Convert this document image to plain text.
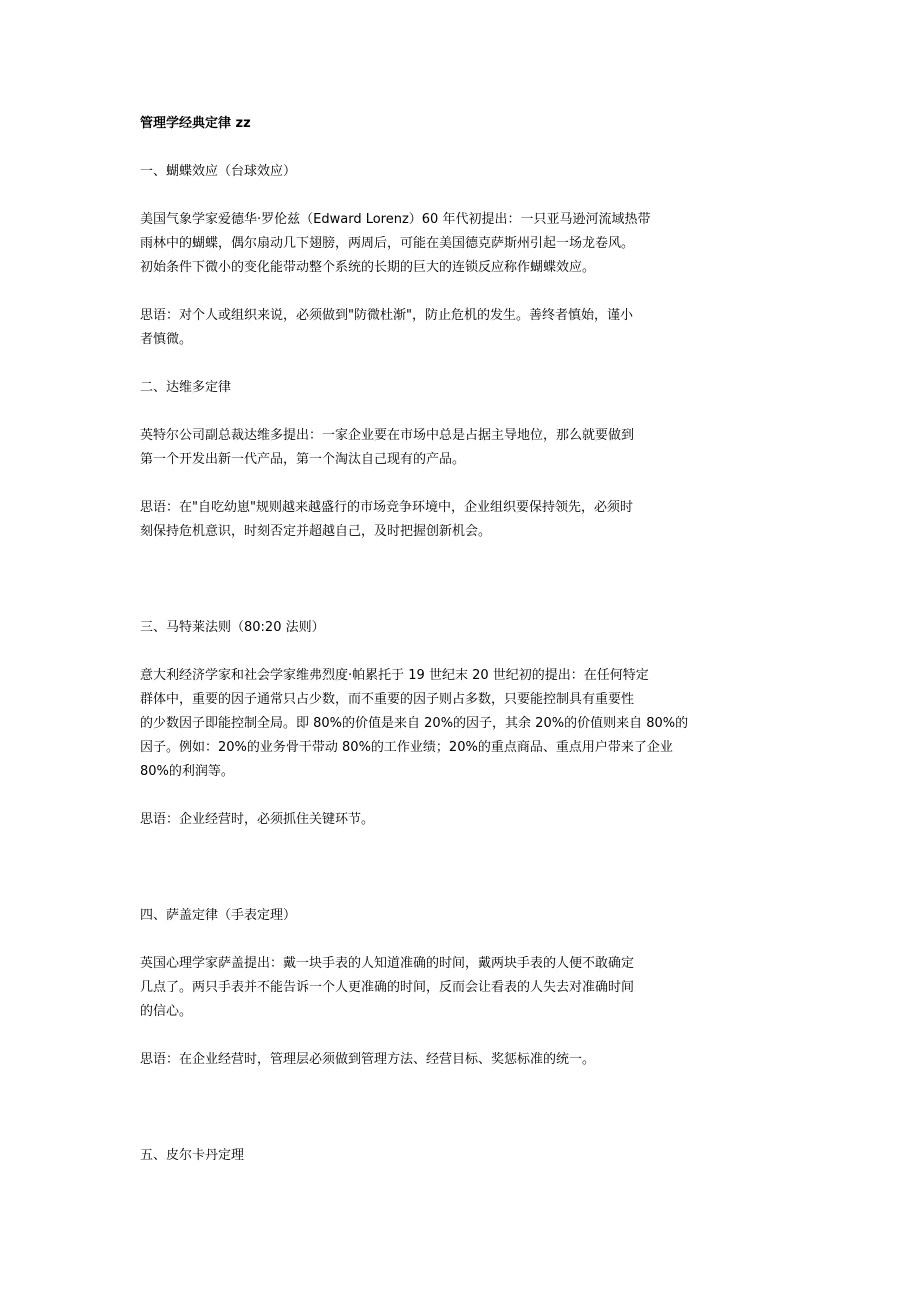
管理学经典定律 zz
一、蝴蝶效应（台球效应）
美国气象学家爱德华·罗伦兹（Edward Lorenz）60 年代初提出：一只亚马逊河流域热带
雨林中的蝴蝶，偶尔扇动几下翅膀，两周后，可能在美国德克萨斯州引起一场龙卷风。
初始条件下微小的变化能带动整个系统的长期的巨大的连锁反应称作蝴蝶效应。
思语：对个人或组织来说，必须做到"防微杜渐"，防止危机的发生。善终者慎始，谨小
者慎微。
二、达维多定律
英特尔公司副总裁达维多提出：一家企业要在市场中总是占据主导地位，那么就要做到
第一个开发出新一代产品，第一个淘汰自己现有的产品。
思语：在"自吃幼崽"规则越来越盛行的市场竞争环境中，企业组织要保持领先，必须时
刻保持危机意识，时刻否定并超越自己，及时把握创新机会。
三、马特莱法则（80:20 法则）
意大利经济学家和社会学家维弗烈度·帕累托于 19 世纪末 20 世纪初的提出：在任何特定
群体中，重要的因子通常只占少数，而不重要的因子则占多数，只要能控制具有重要性
的少数因子即能控制全局。即 80%的价值是来自 20%的因子，其余 20%的价值则来自 80%的
因子。例如：20%的业务骨干带动 80%的工作业绩；20%的重点商品、重点用户带来了企业
80%的利润等。
思语：企业经营时，必须抓住关键环节。
四、萨盖定律（手表定理）
英国心理学家萨盖提出：戴一块手表的人知道准确的时间，戴两块手表的人便不敢确定
几点了。两只手表并不能告诉一个人更准确的时间，反而会让看表的人失去对准确时间
的信心。
思语：在企业经营时，管理层必须做到管理方法、经营目标、奖惩标准的统一。
五、皮尔卡丹定理
